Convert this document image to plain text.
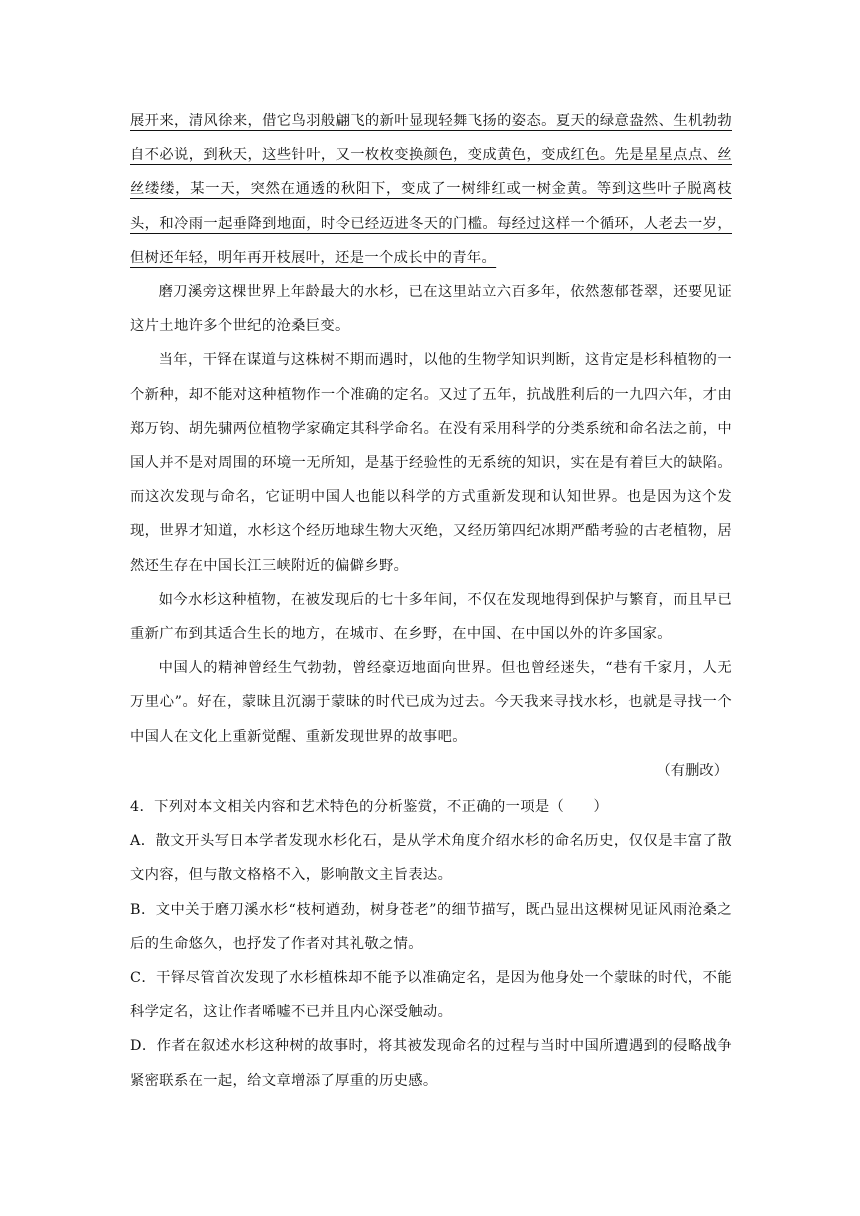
展开来，清风徐来，借它鸟羽般翩飞的新叶显现轻舞飞扬的姿态。夏天的绿意盎然、生机勃勃自不必说，到秋天，这些针叶，又一枚枚变换颜色，变成黄色，变成红色。先是星星点点、丝丝缕缕，某一天，突然在通透的秋阳下，变成了一树绯红或一树金黄。等到这些叶子脱离枝头，和冷雨一起垂降到地面，时令已经迈进冬天的门槛。每经过这样一个循环，人老去一岁，但树还年轻，明年再开枝展叶，还是一个成长中的青年。

磨刀溪旁这棵世界上年龄最大的水杉，已在这里站立六百多年，依然葱郁苍翠，还要见证这片土地许多个世纪的沧桑巨变。

当年，干铎在谋道与这株树不期而遇时，以他的生物学知识判断，这肯定是杉科植物的一个新种，却不能对这种植物作一个准确的定名。又过了五年，抗战胜利后的一九四六年，才由郑万钧、胡先骕两位植物学家确定其科学命名。在没有采用科学的分类系统和命名法之前，中国人并不是对周围的环境一无所知，是基于经验性的无系统的知识，实在是有着巨大的缺陷。而这次发现与命名，它证明中国人也能以科学的方式重新发现和认知世界。也是因为这个发现，世界才知道，水杉这个经历地球生物大灭绝，又经历第四纪冰期严酷考验的古老植物，居然还生存在中国长江三峡附近的偏僻乡野。

如今水杉这种植物，在被发现后的七十多年间，不仅在发现地得到保护与繁育，而且早已重新广布到其适合生长的地方，在城市、在乡野，在中国、在中国以外的许多国家。

中国人的精神曾经生气勃勃，曾经豪迈地面向世界。但也曾经迷失，“巷有千家月，人无万里心”。好在，蒙昧且沉溺于蒙昧的时代已成为过去。今天我来寻找水杉，也就是寻找一个中国人在文化上重新觉醒、重新发现世界的故事吧。

（有删改）

4．下列对本文相关内容和艺术特色的分析鉴赏，不正确的一项是（　　）

A．散文开头写日本学者发现水杉化石，是从学术角度介绍水杉的命名历史，仅仅是丰富了散文内容，但与散文格格不入，影响散文主旨表达。

B．文中关于磨刀溪水杉“枝柯遒劲，树身苍老”的细节描写，既凸显出这棵树见证风雨沧桑之后的生命悠久，也抒发了作者对其礼敬之情。

C．干铎尽管首次发现了水杉植株却不能予以准确定名，是因为他身处一个蒙昧的时代，不能科学定名，这让作者唏嘘不已并且内心深受触动。

D．作者在叙述水杉这种树的故事时，将其被发现命名的过程与当时中国所遭遇到的侵略战争紧密联系在一起，给文章增添了厚重的历史感。
